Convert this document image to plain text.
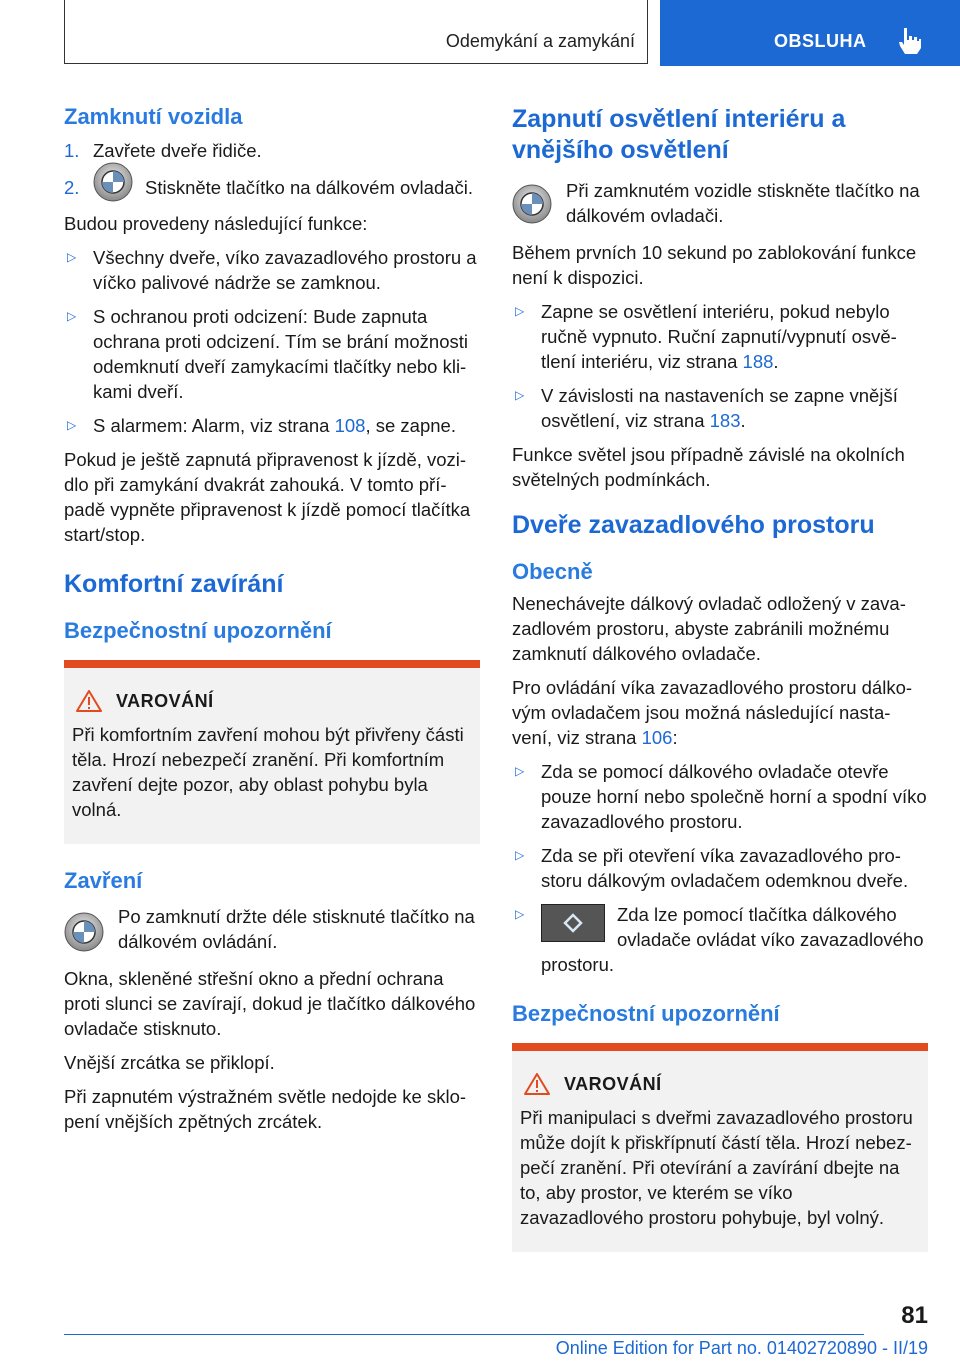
Odemykání a zamykání	OBSLUHA
Zamknutí vozidla
1. Zavřete dveře řidiče.
2.	Stiskněte tlačítko na dálkovém ovladači.

Budou provedeny následující funkce:

▷ Všechny dveře, víko zavazadlového prostoru a víčko palivové nádrže se zamknou.
▷ S ochranou proti odcizení: Bude zapnuta ochrana proti odcizení. Tím se brání možnosti odemknutí dveří zamykacími tlačítky nebo kli-kami dveří.
▷ S alarmem: Alarm, viz strana 108, se zapne.

Pokud je ještě zapnutá připravenost k jízdě, vozi-dlo při zamykání dvakrát zahouká. V tomto pří-padě vypněte připravenost k jízdě pomocí tlačítka start/stop.

Komfortní zavírání
Bezpečnostní upozornění
VAROVÁNÍ

Při komfortním zavření mohou být přivřeny části těla. Hrozí nebezpečí zranění. Při komfortním zavření dejte pozor, aby oblast pohybu byla volná.

Zavření
Po zamknutí držte déle stisknuté tlačítko na dálkovém ovládání.

Okna, skleněné střešní okno a přední ochrana proti slunci se zavírají, dokud je tlačítko dálkového ovladače stisknuto.

Vnější zrcátka se přiklopí.

Při zapnutém výstražném světle nedojde ke sklo-pení vnějších zpětných zrcátek.

Zapnutí osvětlení interiéru a vnějšího osvětlení
Při zamknutém vozidle stiskněte tlačítko na dálkovém ovladači.

Během prvních 10 sekund po zablokování funkce není k dispozici.

▷ Zapne se osvětlení interiéru, pokud nebylo ručně vypnuto. Ruční zapnutí/vypnutí osvě-tlení interiéru, viz strana 188.
▷ V závislosti na nastaveních se zapne vnější osvětlení, viz strana 183.

Funkce světel jsou případně závislé na okolních světelných podmínkách.

Dveře zavazadlového prostoru
Obecně

Nenechávejte dálkový ovladač odložený v zava-zadlovém prostoru, abyste zabránili možnému zamknutí dálkového ovladače.

Pro ovládání víka zavazadlového prostoru dálko-vým ovladačem jsou možná následující nasta-vení, viz strana 106:

▷ Zda se pomocí dálkového ovladače otevře pouze horní nebo společně horní a spodní víko zavazadlového prostoru.
▷ Zda se při otevření víka zavazadlového pro-storu dálkovým ovladačem odemknou dveře.
▷	Zda lze pomocí tlačítka dálkového ovladače ovládat víko zavazadlového prostoru.
Bezpečnostní upozornění
VAROVÁNÍ

Při manipulaci s dveřmi zavazadlového prostoru může dojít k přiskřípnutí částí těla. Hrozí nebez-pečí zranění. Při otevírání a zavírání dbejte na to, aby prostor, ve kterém se víko zavazadlového prostoru pohybuje, byl volný.

81
Online Edition for Part no. 01402720890 - II/19
